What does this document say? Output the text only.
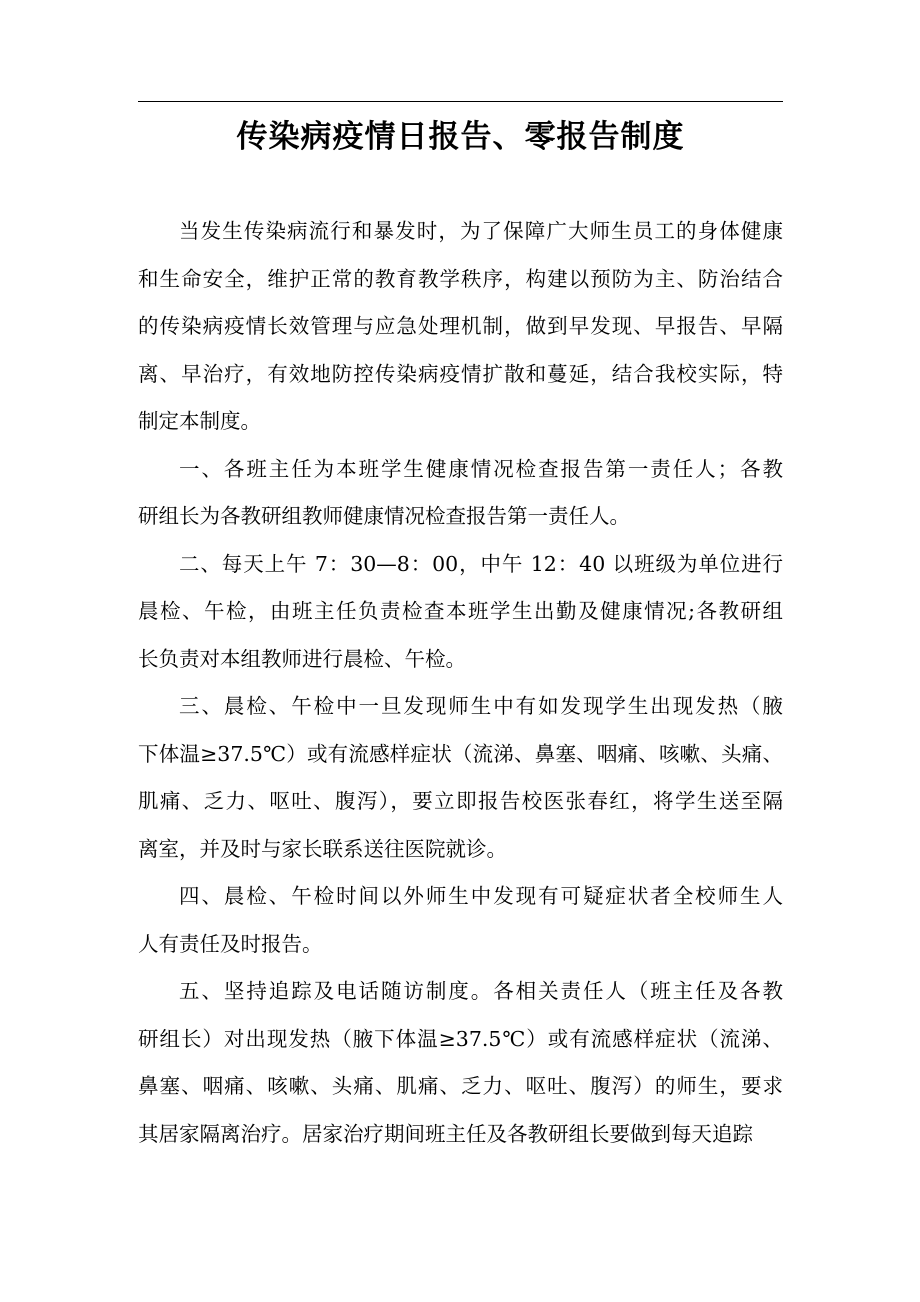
传染病疫情日报告、零报告制度

当发生传染病流行和暴发时，为了保障广大师生员工的身体健康
和生命安全，维护正常的教育教学秩序，构建以预防为主、防治结合
的传染病疫情长效管理与应急处理机制，做到早发现、早报告、早隔
离、早治疗，有效地防控传染病疫情扩散和蔓延，结合我校实际，特
制定本制度。

一、各班主任为本班学生健康情况检查报告第一责任人；各教
研组长为各教研组教师健康情况检查报告第一责任人。

二、每天上午 7：30—8：00，中午 12：40 以班级为单位进行
晨检、午检，由班主任负责检查本班学生出勤及健康情况;各教研组
长负责对本组教师进行晨检、午检。

三、晨检、午检中一旦发现师生中有如发现学生出现发热（腋
下体温≥37.5℃）或有流感样症状（流涕、鼻塞、咽痛、咳嗽、头痛、
肌痛、乏力、呕吐、腹泻），要立即报告校医张春红，将学生送至隔
离室，并及时与家长联系送往医院就诊。

四、晨检、午检时间以外师生中发现有可疑症状者全校师生人
人有责任及时报告。

五、坚持追踪及电话随访制度。各相关责任人（班主任及各教
研组长）对出现发热（腋下体温≥37.5℃）或有流感样症状（流涕、
鼻塞、咽痛、咳嗽、头痛、肌痛、乏力、呕吐、腹泻）的师生，要求
其居家隔离治疗。居家治疗期间班主任及各教研组长要做到每天追踪
